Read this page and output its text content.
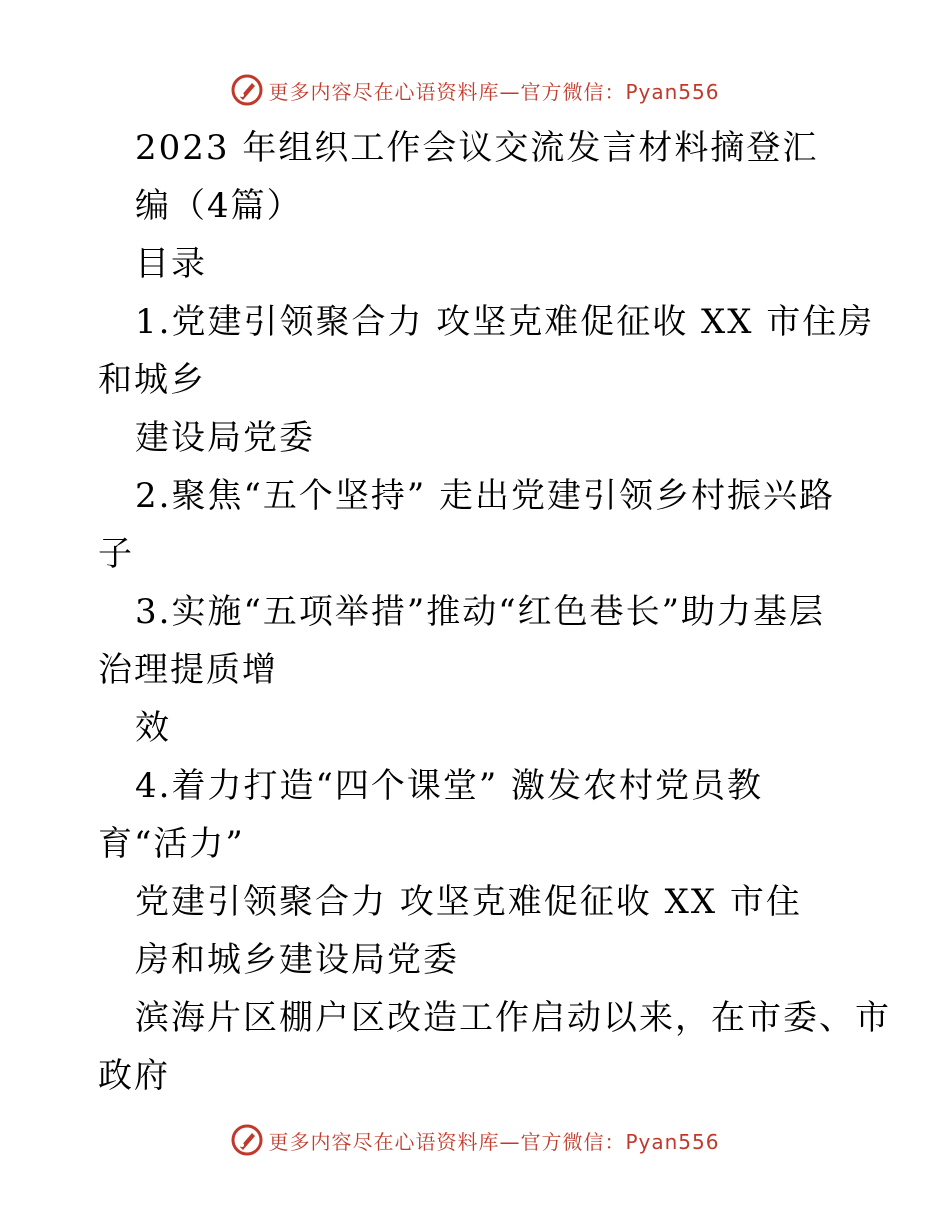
更多内容尽在心语资料库—官方微信：Pyan556
2023 年组织工作会议交流发言材料摘登汇
编（4篇）
目录
1.党建引领聚合力 攻坚克难促征收 XX 市住房
和城乡
建设局党委
2.聚焦“五个坚持” 走出党建引领乡村振兴路
子
3.实施“五项举措”推动“红色巷长”助力基层
治理提质增
效
4.着力打造“四个课堂” 激发农村党员教
育“活力”
党建引领聚合力 攻坚克难促征收 XX 市住
房和城乡建设局党委
滨海片区棚户区改造工作启动以来，在市委、市
政府
更多内容尽在心语资料库—官方微信：Pyan556
